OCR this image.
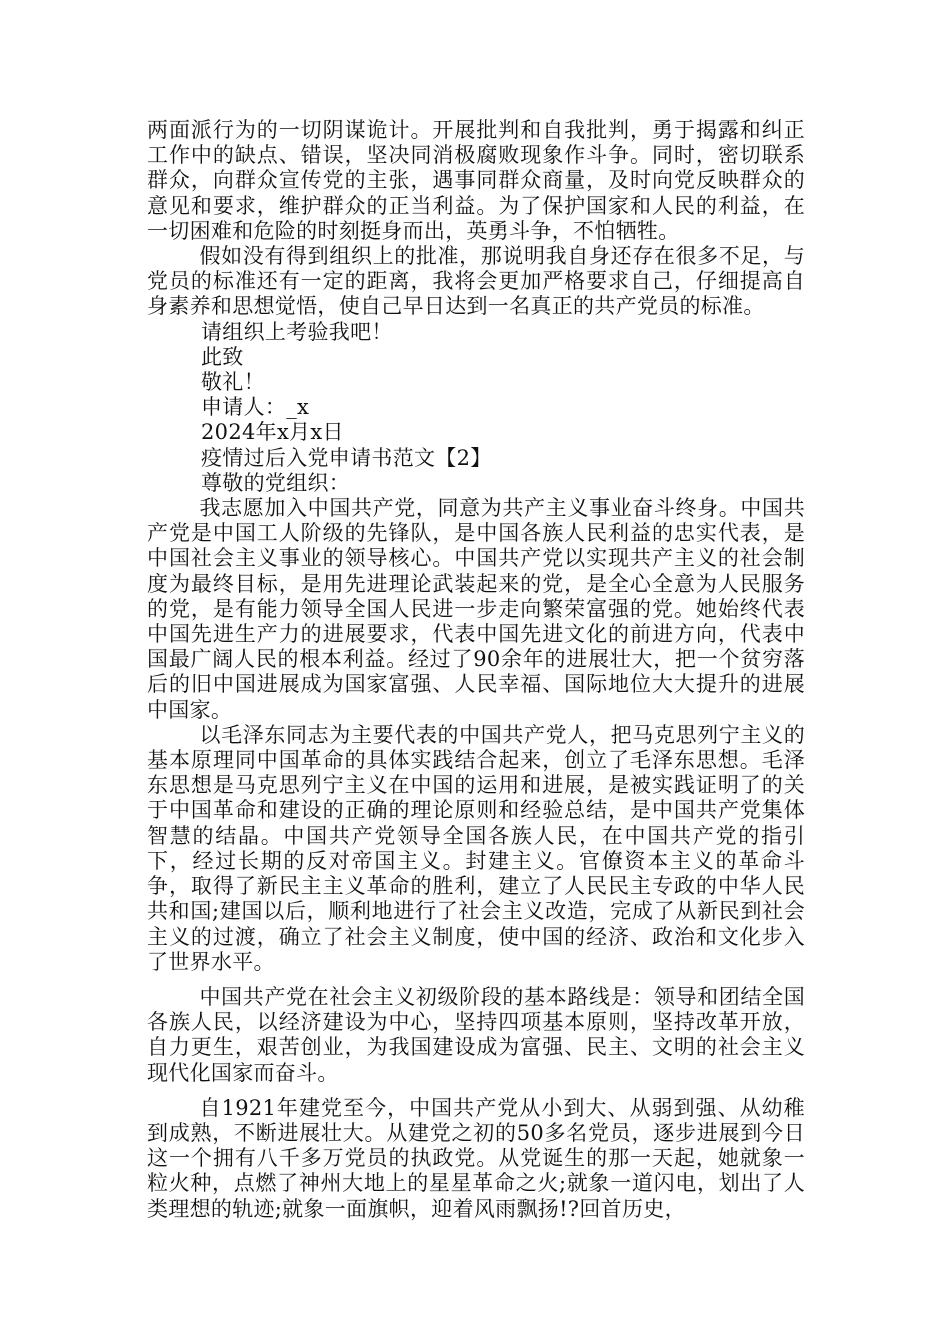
两面派行为的一切阴谋诡计。开展批判和自我批判，勇于揭露和纠正工作中的缺点、错误，坚决同消极腐败现象作斗争。同时，密切联系群众，向群众宣传党的主张，遇事同群众商量，及时向党反映群众的意见和要求，维护群众的正当利益。为了保护国家和人民的利益，在一切困难和危险的时刻挺身而出，英勇斗争，不怕牺牲。

假如没有得到组织上的批准，那说明我自身还存在很多不足，与党员的标准还有一定的距离，我将会更加严格要求自己，仔细提高自身素养和思想觉悟，使自己早日达到一名真正的共产党员的标准。

请组织上考验我吧！

此致

敬礼！

申请人：_x

2024年x月x日

疫情过后入党申请书范文【2】

尊敬的党组织：

我志愿加入中国共产党，同意为共产主义事业奋斗终身。中国共产党是中国工人阶级的先锋队，是中国各族人民利益的忠实代表，是中国社会主义事业的领导核心。中国共产党以实现共产主义的社会制度为最终目标，是用先进理论武装起来的党，是全心全意为人民服务的党，是有能力领导全国人民进一步走向繁荣富强的党。她始终代表中国先进生产力的进展要求，代表中国先进文化的前进方向，代表中国最广阔人民的根本利益。经过了90余年的进展壮大，把一个贫穷落后的旧中国进展成为国家富强、人民幸福、国际地位大大提升的进展中国家。

以毛泽东同志为主要代表的中国共产党人，把马克思列宁主义的基本原理同中国革命的具体实践结合起来，创立了毛泽东思想。毛泽东思想是马克思列宁主义在中国的运用和进展，是被实践证明了的关于中国革命和建设的正确的理论原则和经验总结，是中国共产党集体智慧的结晶。中国共产党领导全国各族人民，在中国共产党的指引下，经过长期的反对帝国主义。封建主义。官僚资本主义的革命斗争，取得了新民主主义革命的胜利，建立了人民民主专政的中华人民共和国;建国以后，顺利地进行了社会主义改造，完成了从新民到社会主义的过渡，确立了社会主义制度，使中国的经济、政治和文化步入了世界水平。

中国共产党在社会主义初级阶段的基本路线是：领导和团结全国各族人民，以经济建设为中心，坚持四项基本原则，坚持改革开放，自力更生，艰苦创业，为我国建设成为富强、民主、文明的社会主义现代化国家而奋斗。

自1921年建党至今，中国共产党从小到大、从弱到强、从幼稚到成熟，不断进展壮大。从建党之初的50多名党员，逐步进展到今日这一个拥有八千多万党员的执政党。从党诞生的那一天起，她就象一粒火种，点燃了神州大地上的星星革命之火;就象一道闪电，划出了人类理想的轨迹;就象一面旗帜，迎着风雨飘扬!?回首历史，
